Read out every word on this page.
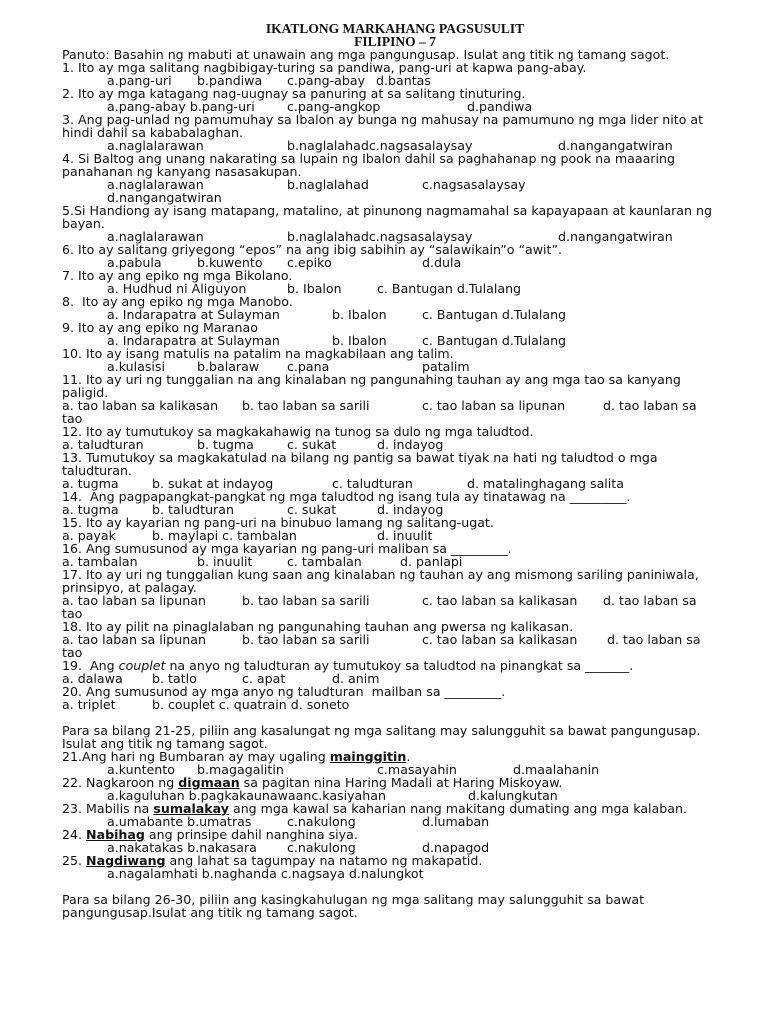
IKATLONG MARKAHANG PAGSUSULIT
FILIPINO – 7
Panuto: Basahin ng mabuti at unawain ang mga pangungusap. Isulat ang titik ng tamang sagot.
1. Ito ay mga salitang nagbibigay-turing sa pandiwa, pang-uri at kapwa pang-abay.
a.pang-uri b.pandiwa c.pang-abay d.bantas
2. Ito ay mga katagang nag-uugnay sa panuring at sa salitang tinuturing.
a.pang-abay b.pang-uri	c.pang-angkop	d.pandiwa
3. Ang pag-unlad ng pamumuhay sa Ibalon ay bunga ng mahusay na pamumuno ng mga lider nito at hindi dahil sa kababalaghan.
a.naglalarawan	b.naglalahadc.nagsasalaysay	d.nangangatwiran
4. Si Baltog ang unang nakarating sa lupain ng Ibalon dahil sa paghahanap ng pook na maaaring panahanan ng kanyang nasasakupan.
a.naglalarawan	b.naglalahad	c.nagsasalaysay
d.nangangatwiran
5.Si Handiong ay isang matapang, matalino, at pinunong nagmamahal sa kapayapaan at kaunlaran ng bayan.
a.naglalarawan	b.naglalahadc.nagsasalaysay	d.nangangatwiran
6. Ito ay salitang griyegong “epos” na ang ibig sabihin ay “salawikain”o “awit”.
a.pabula	b.kuwento c.epiko	d.dula
7. Ito ay ang epiko ng mga Bikolano.
a. Hudhud ni Aliguyon	b. Ibalon	c. Bantugan d.Tulalang
8.  Ito ay ang epiko ng mga Manobo.
a. Indarapatra at Sulayman	b. Ibalon	c. Bantugan d.Tulalang
9. Ito ay ang epiko ng Maranao
a. Indarapatra at Sulayman	b. Ibalon	c. Bantugan d.Tulalang
10. Ito ay isang matulis na patalim na magkabilaan ang talim.
a.kulasisi	b.balaraw c.pana	patalim
11. Ito ay uri ng tunggalian na ang kinalaban ng pangunahing tauhan ay ang mga tao sa kanyang paligid.
a. tao laban sa kalikasan b. tao laban sa sarili	c. tao laban sa lipunan	d. tao laban sa
tao
12. Ito ay tumutukoy sa magkakahawig na tunog sa dulo ng mga taludtod.
a. taludturan	b. tugma	c. sukat	d. indayog
13. Tumutukoy sa magkakatulad na bilang ng pantig sa bawat tiyak na hati ng taludtod o mga taludturan.
a. tugma	b. sukat at indayog	c. taludturan	d. matalinghagang salita
14.  Ang pagpapangkat-pangkat ng mga taludtod ng isang tula ay tinatawag na _________.
a. tugma	b. taludturan	c. sukat	d. indayog
15. Ito ay kayarian ng pang-uri na binubuo lamang ng salitang-ugat.
a. payak	b. maylapi c. tambalan	d. inuulit
16. Ang sumusunod ay mga kayarian ng pang-uri maliban sa _________.
a. tambalan	b. inuulit	c. tambalan	d. panlapi
17. Ito ay uri ng tunggalian kung saan ang kinalaban ng tauhan ay ang mismong sariling paniniwala, prinsipyo, at palagay.
a. tao laban sa lipunan	b. tao laban sa sarili	c. tao laban sa kalikasan d. tao laban sa
tao
18. Ito ay pilit na pinaglalaban ng pangunahing tauhan ang pwersa ng kalikasan.
a. tao laban sa lipunan	b. tao laban sa sarili	c. tao laban sa kalikasan d. tao laban sa
tao
19.  Ang couplet na anyo ng taludturan ay tumutukoy sa taludtod na pinangkat sa _______.
a. dalawa b. tatlo	c. apat	d. anim
20. Ang sumusunod ay mga anyo ng taludturan  mailban sa _________.
a. triplet	b. couplet c. quatrain d. soneto
Para sa bilang 21-25, piliin ang kasalungat ng mga salitang may salungguhit sa bawat pangungusap. Isulat ang titik ng tamang sagot.
21.Ang hari ng Bumbaran ay may ugaling mainggitin.
a.kuntento b.magagalitin	c.masayahin	d.maalahanin
22. Nagkaroon ng digmaan sa pagitan nina Haring Madali at Haring Miskoyaw.
a.kaguluhan b.pagkakaunawaanc.kasiyahan	d.kalungkutan
23. Mabilis na sumalakay ang mga kawal sa kaharian nang makitang dumating ang mga kalaban.
a.umabante b.umatras	c.nakulong	d.lumaban
24. Nabihag ang prinsipe dahil nanghina siya.
a.nakatakas b.nakasara c.nakulong	d.napagod
25. Nagdiwang ang lahat sa tagumpay na natamo ng makapatid.
a.nagalamhati b.naghanda c.nagsaya d.nalungkot
Para sa bilang 26-30, piliin ang kasingkahulugan ng mga salitang may salungguhit sa bawat pangungusap.Isulat ang titik ng tamang sagot.
